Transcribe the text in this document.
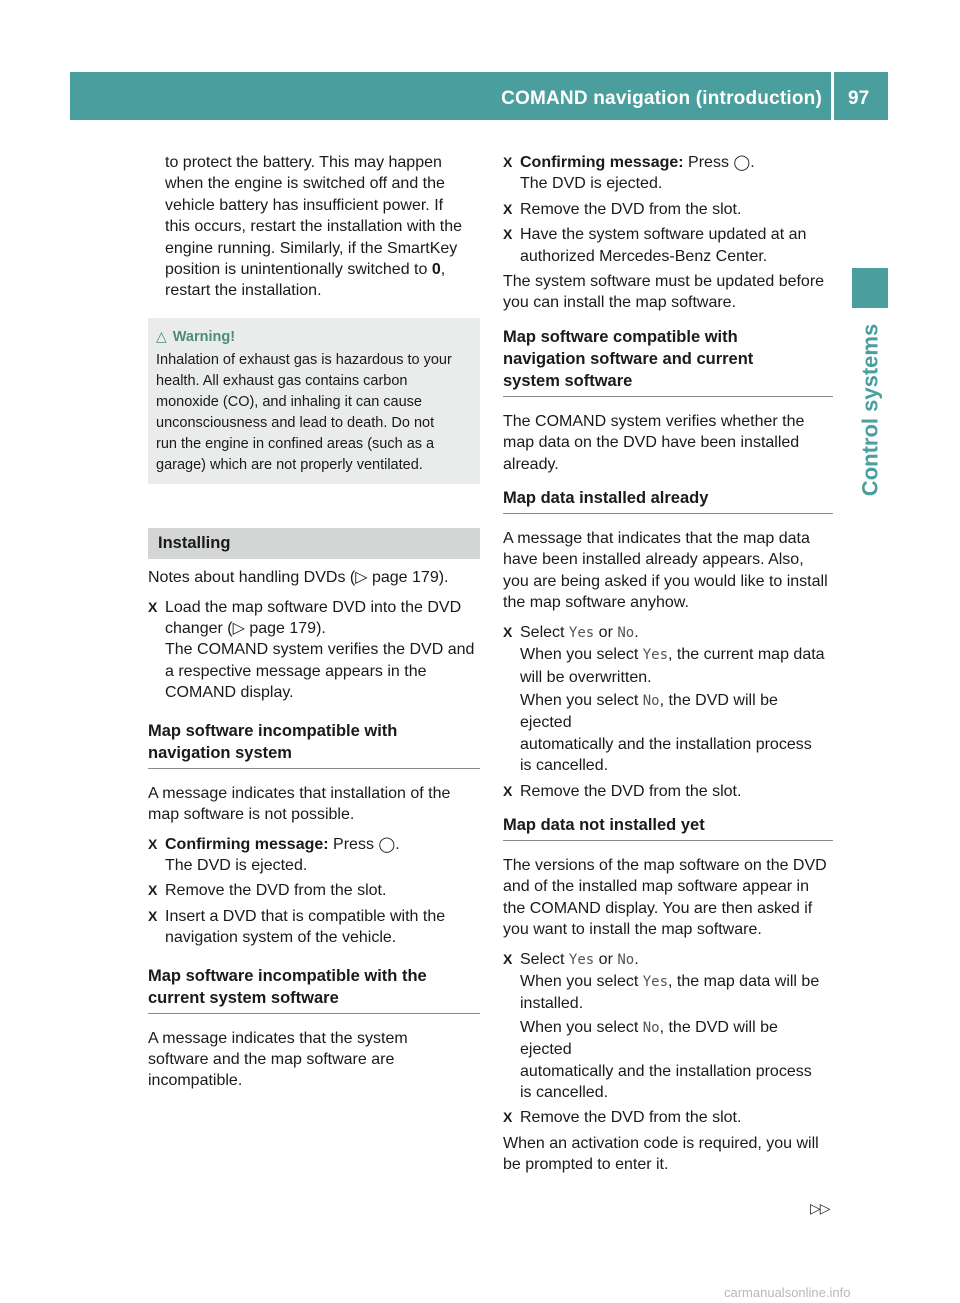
COMAND navigation (introduction) 97
Control systems

to protect the battery. This may happen

when the engine is switched off and the

vehicle battery has insufficient power. If

this occurs, restart the installation with the

engine running. Similarly, if the SmartKey

position is unintentionally switched to 0,

restart the installation.

△ Warning!

Inhalation of exhaust gas is hazardous to your

health. All exhaust gas contains carbon

monoxide (CO), and inhaling it can cause

unconsciousness and lead to death. Do not

run the engine in confined areas (such as a

garage) which are not properly ventilated.

Installing

Notes about handling DVDs (▷ page 179).

X Load the map software DVD into the DVD

changer (▷ page 179).

The COMAND system verifies the DVD and

a respective message appears in the

COMAND display.

Map software incompatible with

navigation system

A message indicates that installation of the

map software is not possible.

X Confirming message: Press ◯.

The DVD is ejected.

X Remove the DVD from the slot.

X Insert a DVD that is compatible with the

navigation system of the vehicle.

Map software incompatible with the

current system software

A message indicates that the system

software and the map software are

incompatible.

X Confirming message: Press ◯.

The DVD is ejected.

X Remove the DVD from the slot.

X Have the system software updated at an

authorized Mercedes-Benz Center.

The system software must be updated before

you can install the map software.

Map software compatible with

navigation software and current

system software

The COMAND system verifies whether the

map data on the DVD have been installed

already.

Map data installed already

A message that indicates that the map data

have been installed already appears. Also,

you are being asked if you would like to install

the map software anyhow.

X Select Yes or No.

When you select Yes, the current map data

will be overwritten.

When you select No, the DVD will be ejected

automatically and the installation process

is cancelled.

X Remove the DVD from the slot.

Map data not installed yet

The versions of the map software on the DVD

and of the installed map software appear in

the COMAND display. You are then asked if

you want to install the map software.

X Select Yes or No.

When you select Yes, the map data will be

installed.

When you select No, the DVD will be ejected

automatically and the installation process

is cancelled.

X Remove the DVD from the slot.

When an activation code is required, you will

be prompted to enter it.

▷▷
carmanualsonline.info
